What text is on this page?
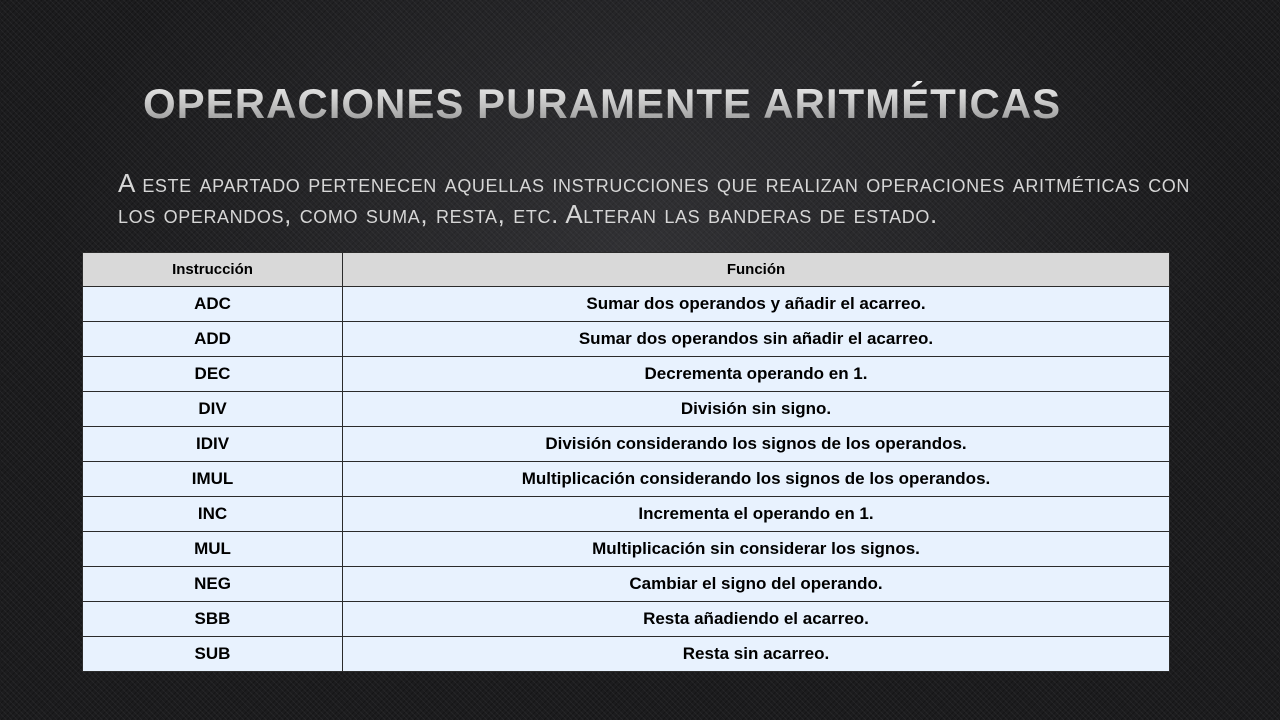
OPERACIONES PURAMENTE ARITMÉTICAS

A este apartado pertenecen aquellas instrucciones que realizan operaciones aritméticas con los operandos, como suma, resta, etc. Alteran las banderas de estado.

Instrucción	Función
ADC	Sumar dos operandos y añadir el acarreo.
ADD	Sumar dos operandos sin añadir el acarreo.
DEC	Decrementa operando en 1.
DIV	División sin signo.
IDIV	División considerando los signos de los operandos.
IMUL	Multiplicación considerando los signos de los operandos.
INC	Incrementa el operando en 1.
MUL	Multiplicación sin considerar los signos.
NEG	Cambiar el signo del operando.
SBB	Resta añadiendo el acarreo.
SUB	Resta sin acarreo.
